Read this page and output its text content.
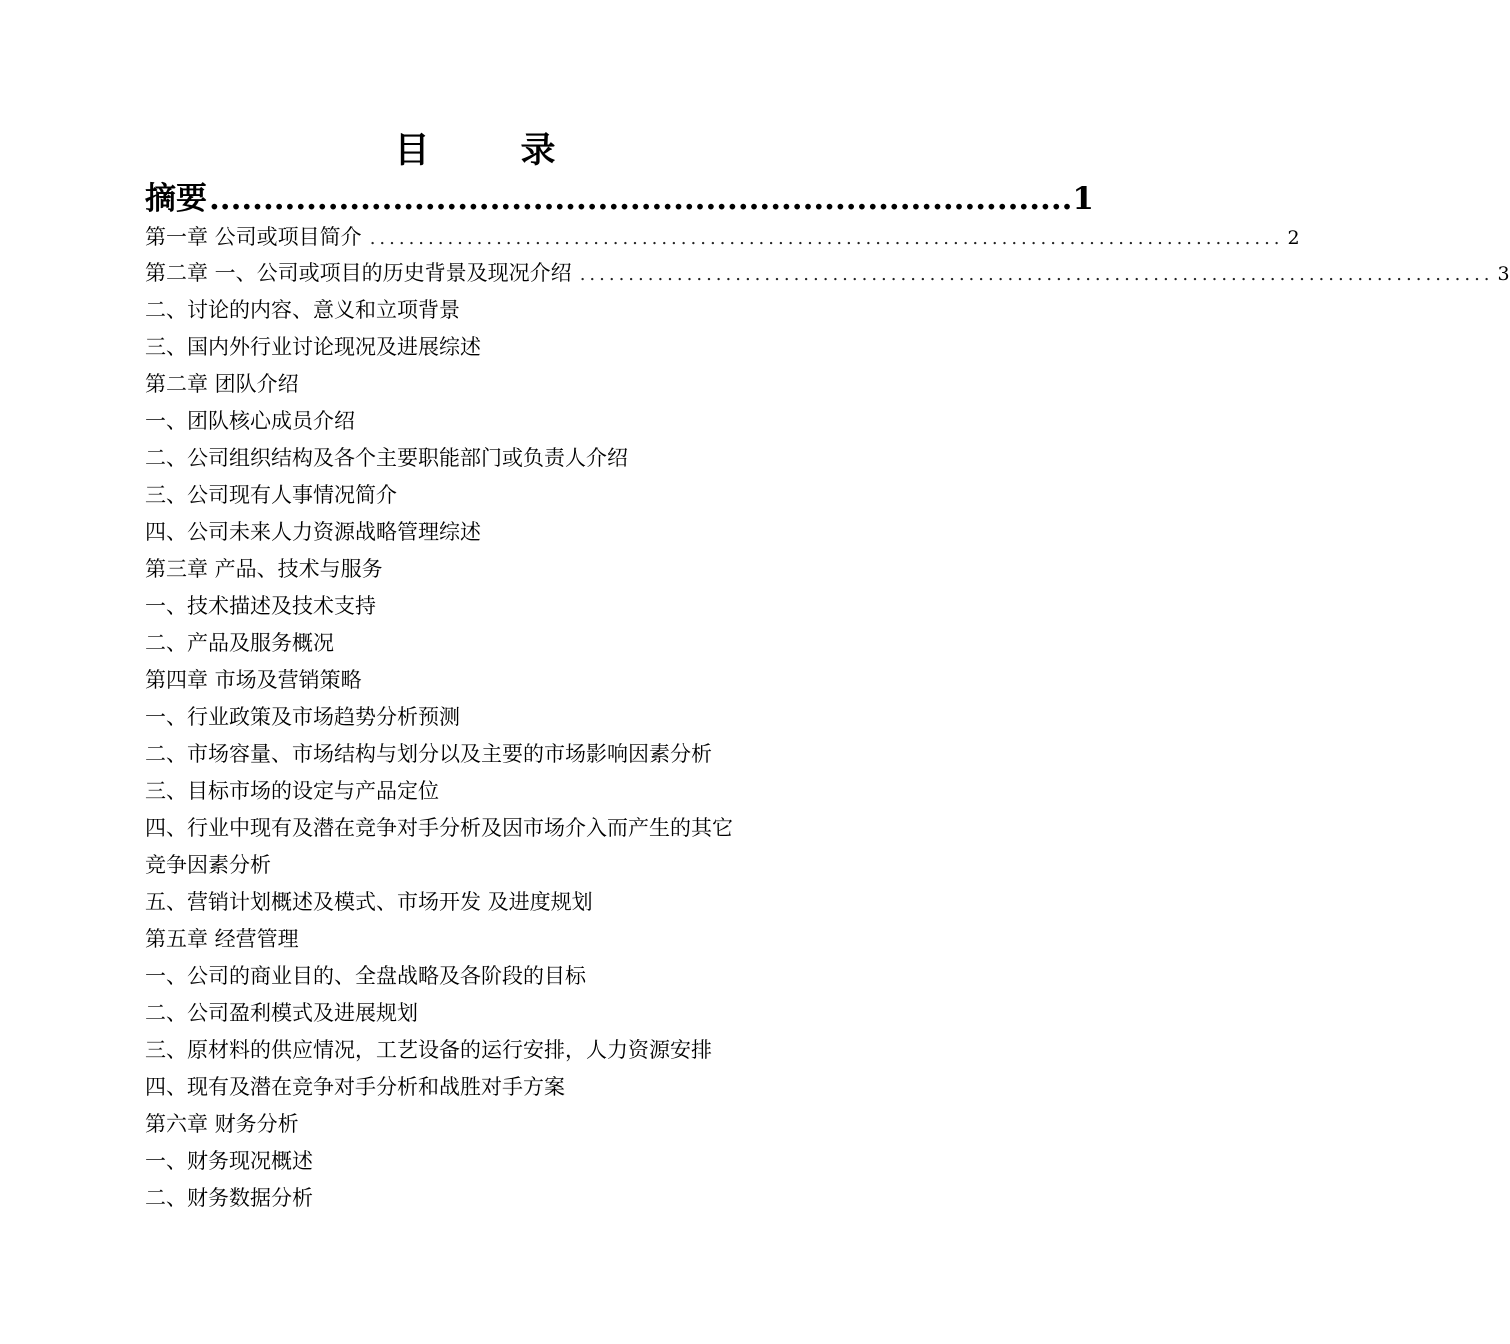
目　录
摘要 ................................................................................ 1
第一章 公司或项目简介 .............................................................................................. 2
第二章 一、公司或项目的历史背景及现况介绍 .............................................................................................. 3
二、讨论的内容、意义和立项背景
三、国内外行业讨论现况及进展综述
第二章 团队介绍
一、团队核心成员介绍
二、公司组织结构及各个主要职能部门或负责人介绍
三、公司现有人事情况简介
四、公司未来人力资源战略管理综述
第三章 产品、技术与服务
一、技术描述及技术支持
二、产品及服务概况
第四章 市场及营销策略
一、行业政策及市场趋势分析预测
二、市场容量、市场结构与划分以及主要的市场影响因素分析
三、目标市场的设定与产品定位
四、行业中现有及潜在竞争对手分析及因市场介入而产生的其它
竞争因素分析
五、营销计划概述及模式、市场开发 及进度规划
第五章 经营管理
一、公司的商业目的、全盘战略及各阶段的目标
二、公司盈利模式及进展规划
三、原材料的供应情况，工艺设备的运行安排，人力资源安排
四、现有及潜在竞争对手分析和战胜对手方案
第六章 财务分析
一、财务现况概述
二、财务数据分析
